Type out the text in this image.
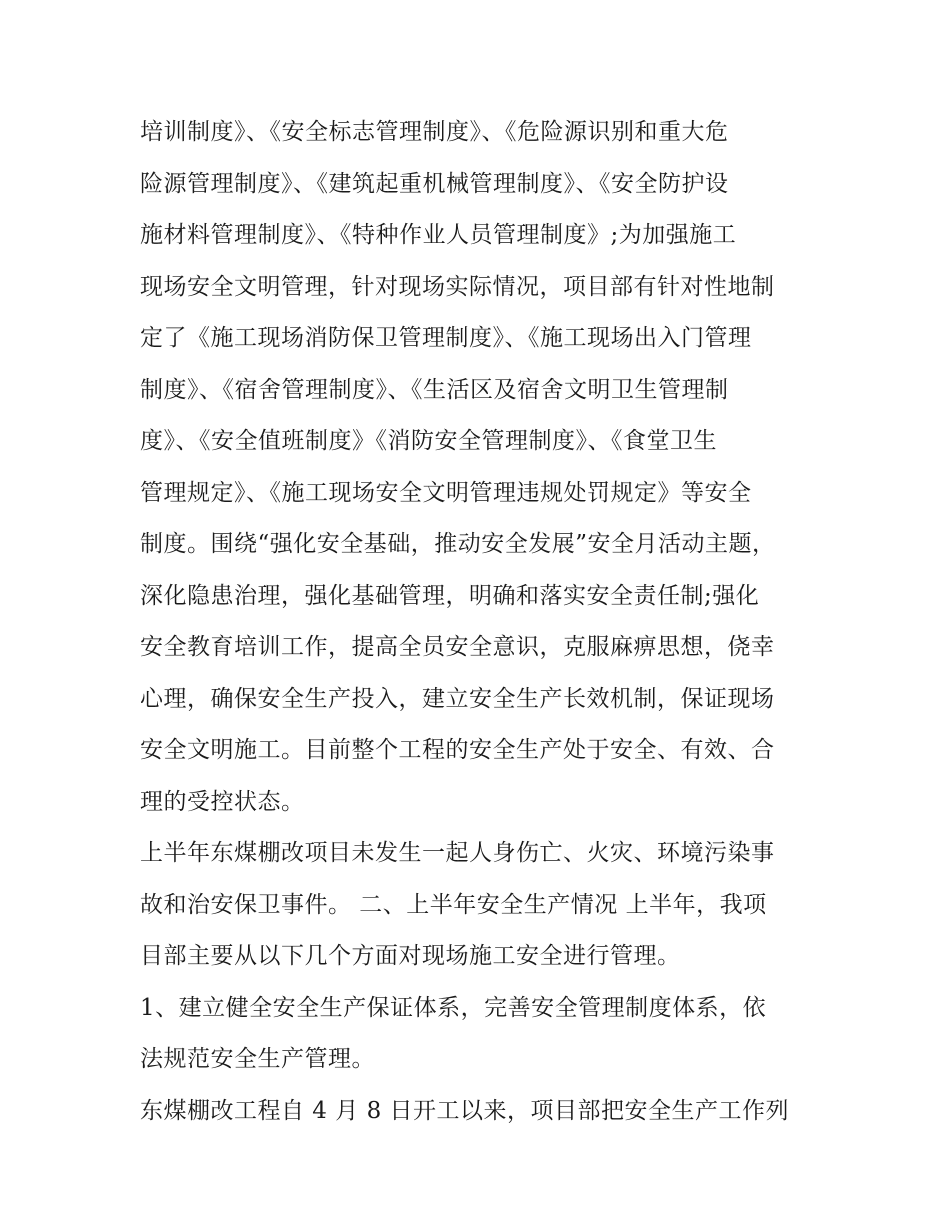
培训制度》、《安全标志管理制度》、《危险源识别和重大危
险源管理制度》、《建筑起重机械管理制度》、《安全防护设
施材料管理制度》、《特种作业人员管理制度》;为加强施工
现场安全文明管理，针对现场实际情况，项目部有针对性地制
定了《施工现场消防保卫管理制度》、《施工现场出入门管理
制度》、《宿舍管理制度》、《生活区及宿舍文明卫生管理制
度》、《安全值班制度》《消防安全管理制度》、《食堂卫生
管理规定》、《施工现场安全文明管理违规处罚规定》等安全
制度。围绕“强化安全基础，推动安全发展”安全月活动主题，
深化隐患治理，强化基础管理，明确和落实安全责任制;强化
安全教育培训工作，提高全员安全意识，克服麻痹思想，侥幸
心理，确保安全生产投入，建立安全生产长效机制，保证现场
安全文明施工。目前整个工程的安全生产处于安全、有效、合
理的受控状态。
上半年东煤棚改项目未发生一起人身伤亡、火灾、环境污染事
故和治安保卫事件。 二、上半年安全生产情况 上半年，我项
目部主要从以下几个方面对现场施工安全进行管理。
1、建立健全安全生产保证体系，完善安全管理制度体系，依
法规范安全生产管理。
东煤棚改工程自 4 月 8 日开工以来，项目部把安全生产工作列
